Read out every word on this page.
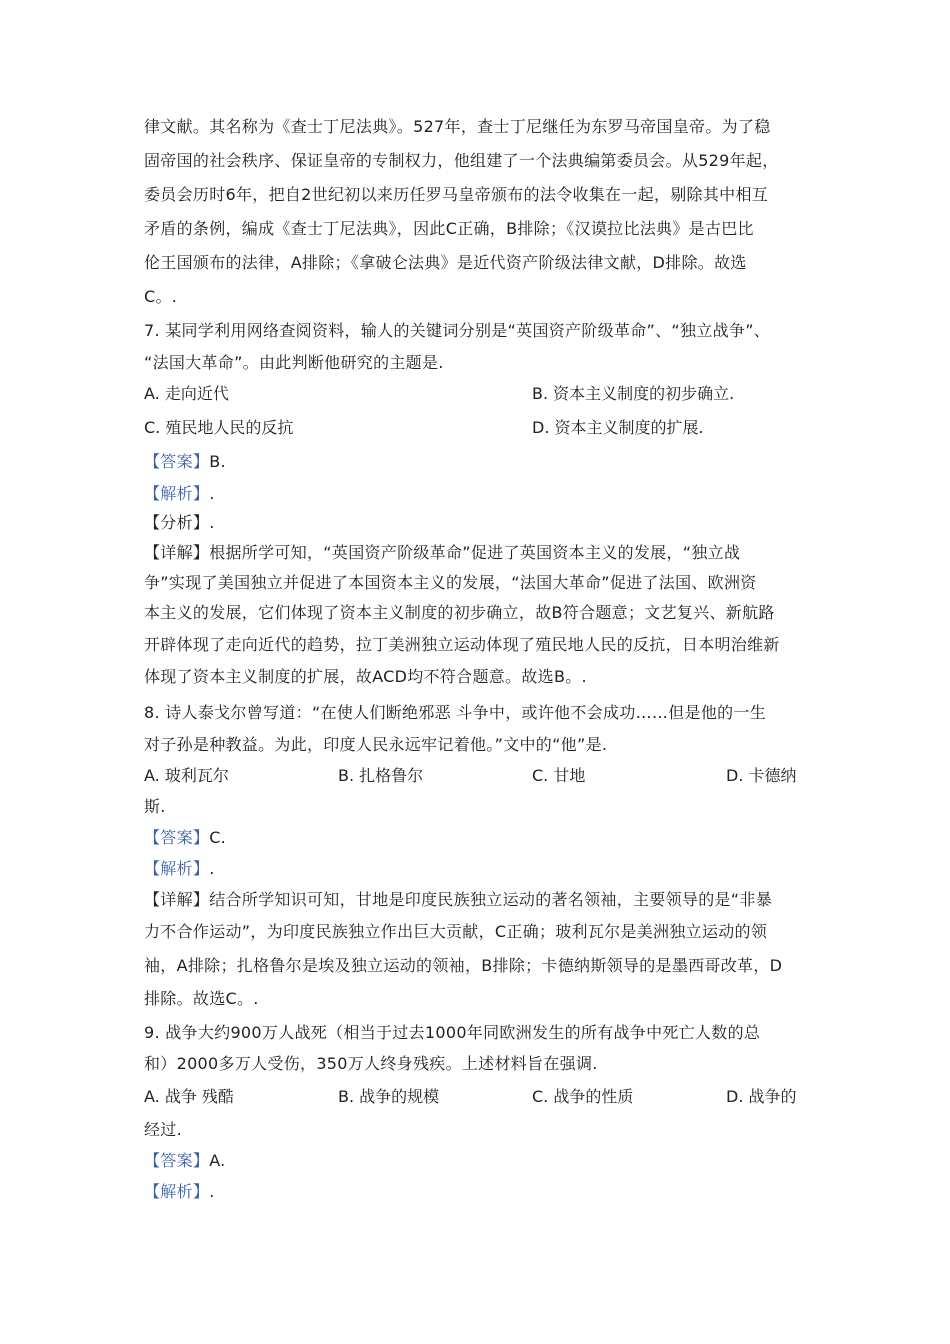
律文献。其名称为《查士丁尼法典》。527年，查士丁尼继任为东罗马帝国皇帝。为了稳
固帝国的社会秩序、保证皇帝的专制权力，他组建了一个法典编第委员会。从529年起，
委员会历时6年，把自2世纪初以来历任罗马皇帝颁布的法令收集在一起，剔除其中相互
矛盾的条例，编成《查士丁尼法典》，因此C正确，B排除；《汉谟拉比法典》是古巴比
伦王国颁布的法律，A排除；《拿破仑法典》是近代资产阶级法律文献，D排除。故选
C。.
7. 某同学利用网络查阅资料，输人的关键词分别是“英国资产阶级革命”、“独立战争”、
“法国大革命”。由此判断他研究的主题是.
A. 走向近代	B. 资本主义制度的初步确立.
C. 殖民地人民的反抗	D. 资本主义制度的扩展.
【答案】B.
【解析】.
【分析】.
【详解】根据所学可知，“英国资产阶级革命”促进了英国资本主义的发展，“独立战
争”实现了美国独立并促进了本国资本主义的发展，“法国大革命”促进了法国、欧洲资
本主义的发展，它们体现了资本主义制度的初步确立，故B符合题意；文艺复兴、新航路
开辟体现了走向近代的趋势，拉丁美洲独立运动体现了殖民地人民的反抗，日本明治维新
体现了资本主义制度的扩展，故ACD均不符合题意。故选B。.
8. 诗人泰戈尔曾写道：“在使人们断绝邪恶 斗争中，或许他不会成功……但是他的一生
对子孙是种教益。为此，印度人民永远牢记着他。”文中的“他”是.
A. 玻利瓦尔	B. 扎格鲁尔	C. 甘地	D. 卡德纳
斯.
【答案】C.
【解析】.
【详解】结合所学知识可知，甘地是印度民族独立运动的著名领袖，主要领导的是“非暴
力不合作运动”，为印度民族独立作出巨大贡献，C正确；玻利瓦尔是美洲独立运动的领
袖，A排除；扎格鲁尔是埃及独立运动的领袖，B排除；卡德纳斯领导的是墨西哥改革，D
排除。故选C。.
9. 战争大约900万人战死（相当于过去1000年同欧洲发生的所有战争中死亡人数的总
和）2000多万人受伤，350万人终身残疾。上述材料旨在强调.
A. 战争 残酷	B. 战争的规模	C. 战争的性质	D. 战争的
经过.
【答案】A.
【解析】.
